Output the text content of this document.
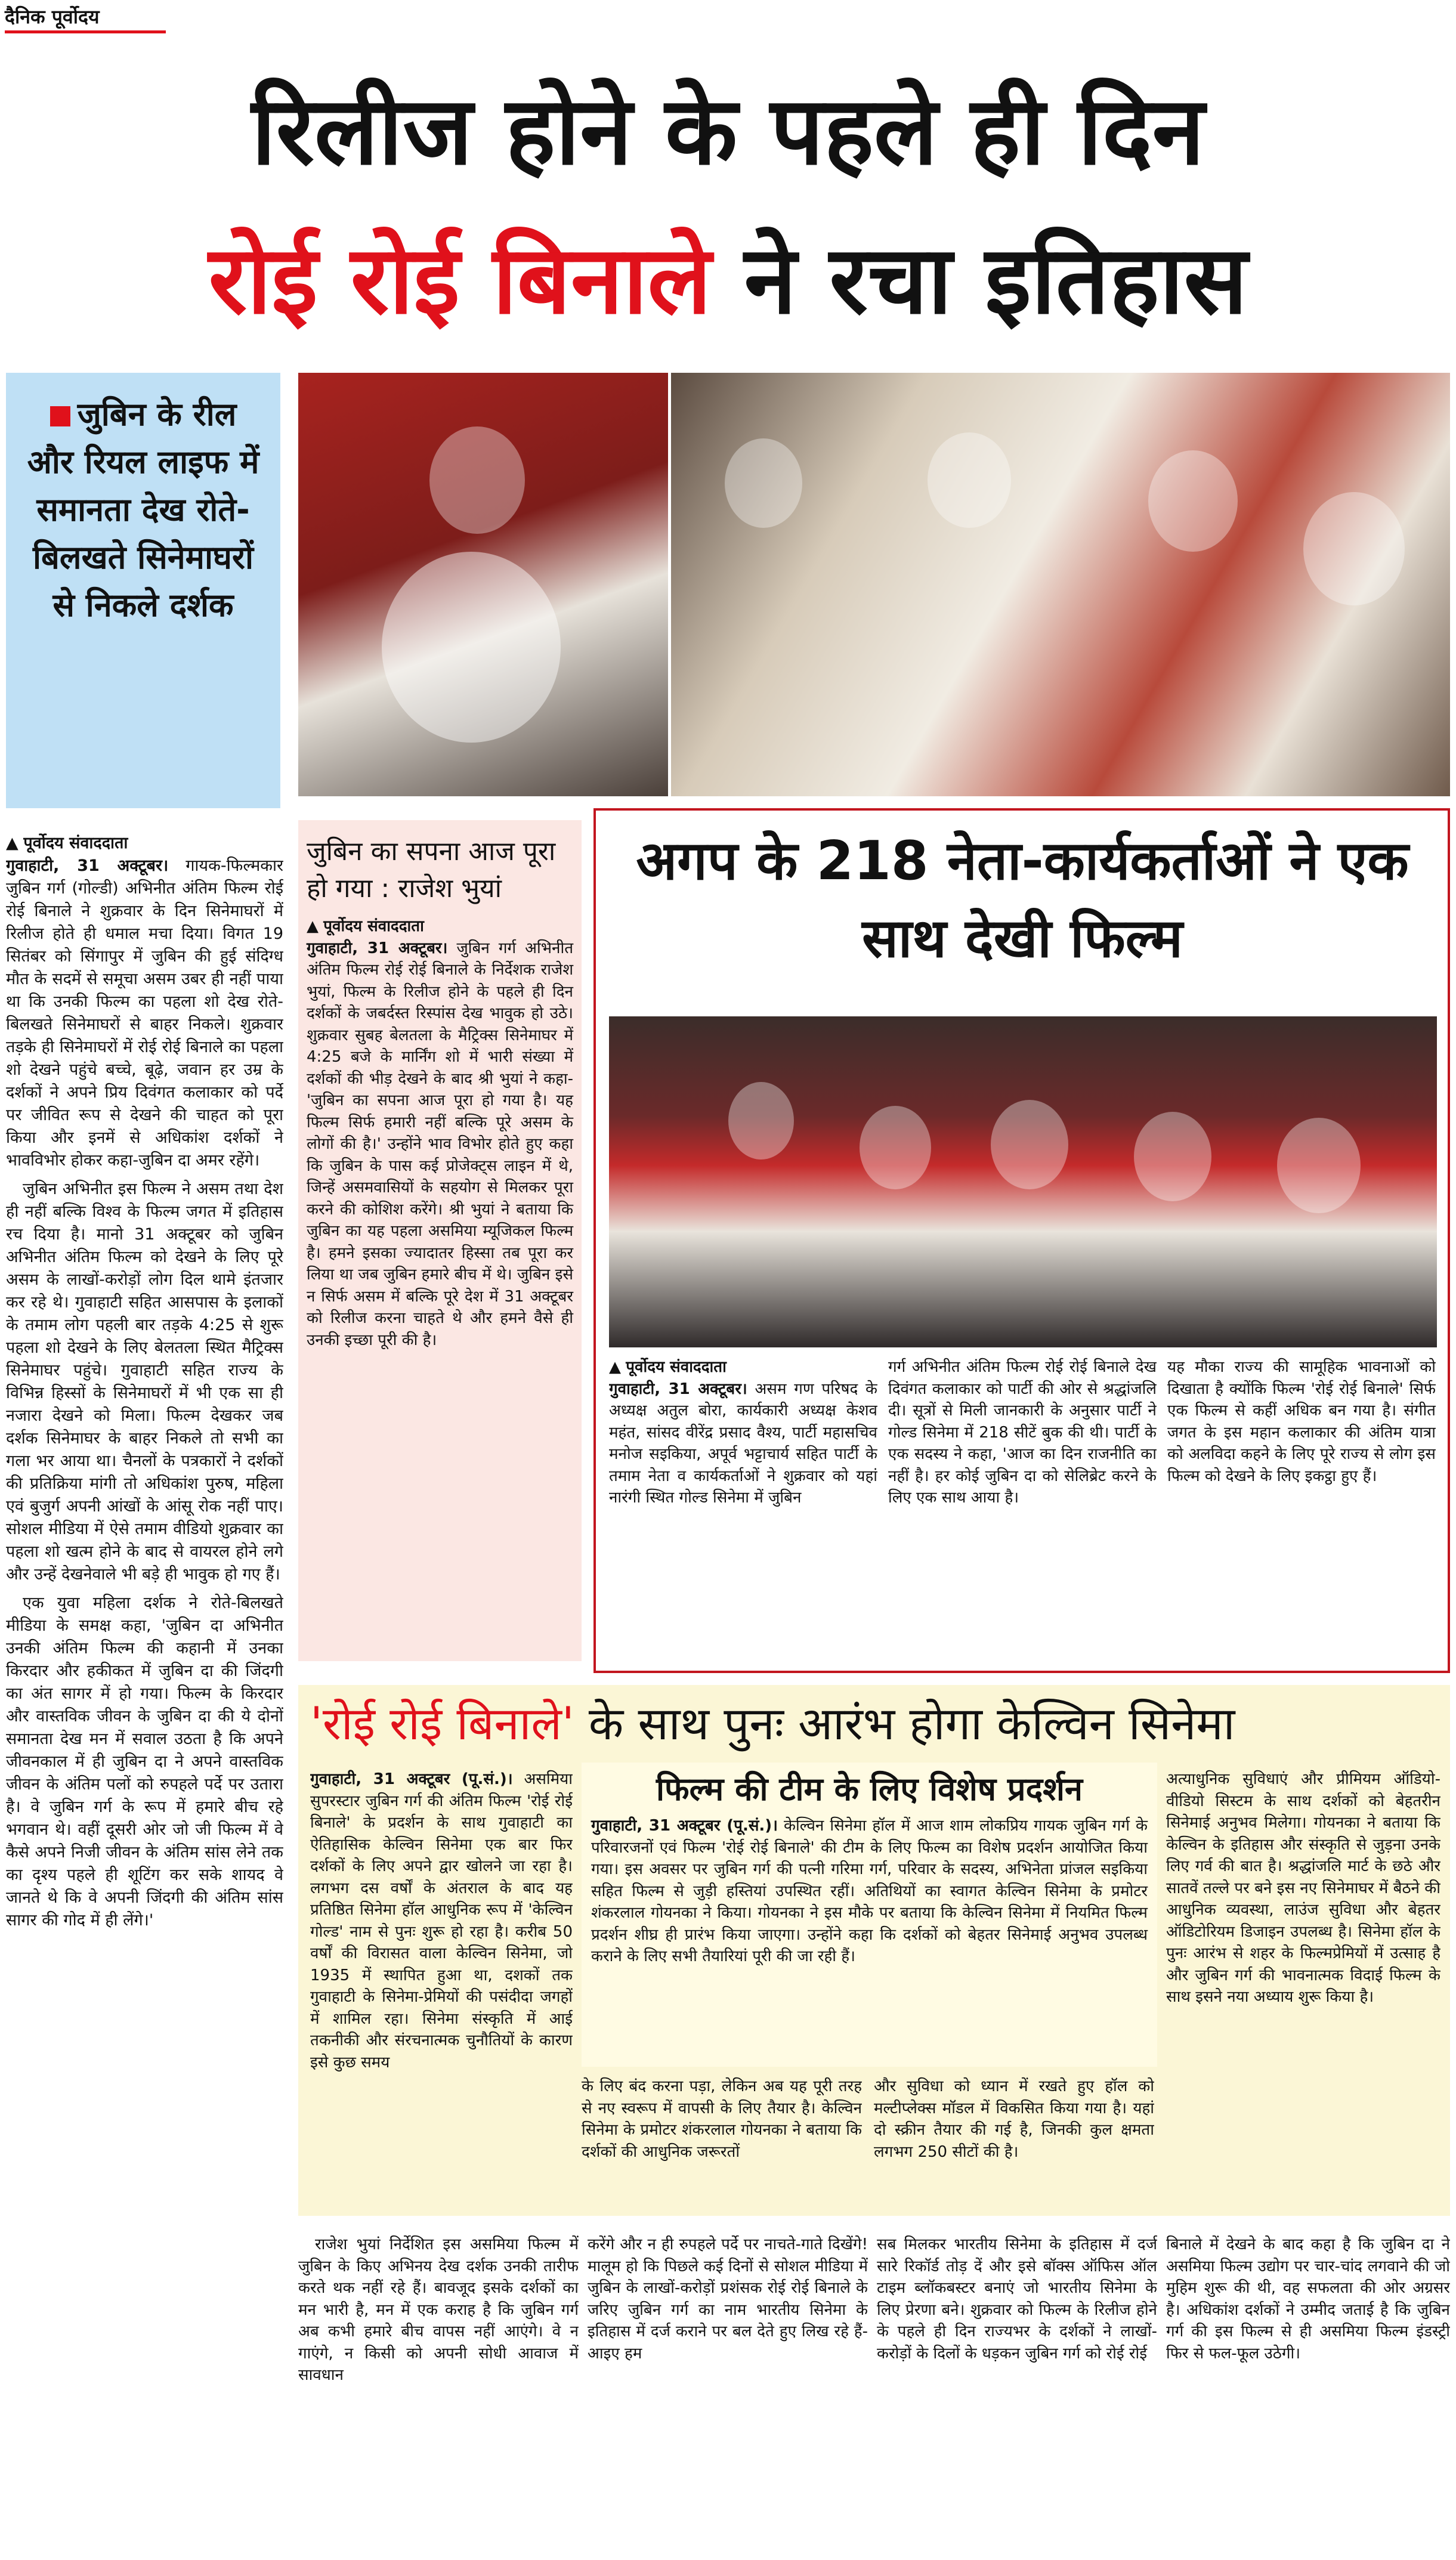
दैनिक पूर्वोदय
रिलीज होने के पहले ही दिन
रोई रोई बिनाले ने रचा इतिहास
जुबिन के रील और रियल लाइफ में समानता देख रोते-बिलखते सिनेमाघरों से निकले दर्शक

▲ पूर्वोदय संवाददाता
गुवाहाटी, 31 अक्टूबर। गायक-फिल्मकार जुबिन गर्ग (गोल्डी) अभिनीत अंतिम फिल्म रोई रोई बिनाले ने शुक्रवार के दिन सिनेमाघरों में रिलीज होते ही धमाल मचा दिया। विगत 19 सितंबर को सिंगापुर में जुबिन की हुई संदिग्ध मौत के सदमें से समूचा असम उबर ही नहीं पाया था कि उनकी फिल्म का पहला शो देख रोते-बिलखते सिनेमाघरों से बाहर निकले। शुक्रवार तड़के ही सिनेमाघरों में रोई रोई बिनाले का पहला शो देखने पहुंचे बच्चे, बूढ़े, जवान हर उम्र के दर्शकों ने अपने प्रिय दिवंगत कलाकार को पर्दे पर जीवित रूप से देखने की चाहत को पूरा किया और इनमें से अधिकांश दर्शकों ने भावविभोर होकर कहा-जुबिन दा अमर रहेंगे।

जुबिन अभिनीत इस फिल्म ने असम तथा देश ही नहीं बल्कि विश्व के फिल्म जगत में इतिहास रच दिया है। मानो 31 अक्टूबर को जुबिन अभिनीत अंतिम फिल्म को देखने के लिए पूरे असम के लाखों-करोड़ों लोग दिल थामे इंतजार कर रहे थे। गुवाहाटी सहित आसपास के इलाकों के तमाम लोग पहली बार तड़के 4:25 से शुरू पहला शो देखने के लिए बेलतला स्थित मैट्रिक्स सिनेमाघर पहुंचे। गुवाहाटी सहित राज्य के विभिन्न हिस्सों के सिनेमाघरों में भी एक सा ही नजारा देखने को मिला। फिल्म देखकर जब दर्शक सिनेमाघर के बाहर निकले तो सभी का गला भर आया था। चैनलों के पत्रकारों ने दर्शकों की प्रतिक्रिया मांगी तो अधिकांश पुरुष, महिला एवं बुजुर्ग अपनी आंखों के आंसू रोक नहीं पाए। सोशल मीडिया में ऐसे तमाम वीडियो शुक्रवार का पहला शो खत्म होने के बाद से वायरल होने लगे और उन्हें देखनेवाले भी बड़े ही भावुक हो गए हैं।

एक युवा महिला दर्शक ने रोते-बिलखते मीडिया के समक्ष कहा, 'जुबिन दा अभिनीत उनकी अंतिम फिल्म की कहानी में उनका किरदार और हकीकत में जुबिन दा की जिंदगी का अंत सागर में हो गया। फिल्म के किरदार और वास्तविक जीवन के जुबिन दा की ये दोनों समानता देख मन में सवाल उठता है कि अपने जीवनकाल में ही जुबिन दा ने अपने वास्तविक जीवन के अंतिम पलों को रुपहले पर्दे पर उतारा है। वे जुबिन गर्ग के रूप में हमारे बीच रहे भगवान थे। वहीं दूसरी ओर जो जी फिल्म में वे कैसे अपने निजी जीवन के अंतिम सांस लेने तक का दृश्य पहले ही शूटिंग कर सके शायद वे जानते थे कि वे अपनी जिंदगी की अंतिम सांस सागर की गोद में ही लेंगे।'

जुबिन का सपना आज पूरा हो गया : राजेश भुयां

▲ पूर्वोदय संवाददाता
गुवाहाटी, 31 अक्टूबर। जुबिन गर्ग अभिनीत अंतिम फिल्म रोई रोई बिनाले के निर्देशक राजेश भुयां, फिल्म के रिलीज होने के पहले ही दिन दर्शकों के जबर्दस्त रिस्पांस देख भावुक हो उठे। शुक्रवार सुबह बेलतला के मैट्रिक्स सिनेमाघर में 4:25 बजे के मार्निंग शो में भारी संख्या में दर्शकों की भीड़ देखने के बाद श्री भुयां ने कहा- 'जुबिन का सपना आज पूरा हो गया है। यह फिल्म सिर्फ हमारी नहीं बल्कि पूरे असम के लोगों की है।' उन्होंने भाव विभोर होते हुए कहा कि जुबिन के पास कई प्रोजेक्ट्स लाइन में थे, जिन्हें असमवासियों के सहयोग से मिलकर पूरा करने की कोशिश करेंगे। श्री भुयां ने बताया कि जुबिन का यह पहला असमिया म्यूजिकल फिल्म है। हमने इसका ज्यादातर हिस्सा तब पूरा कर लिया था जब जुबिन हमारे बीच में थे। जुबिन इसे न सिर्फ असम में बल्कि पूरे देश में 31 अक्टूबर को रिलीज करना चाहते थे और हमने वैसे ही उनकी इच्छा पूरी की है।

अगप के 218 नेता-कार्यकर्ताओं ने एक साथ देखी फिल्म

▲ पूर्वोदय संवाददाता
गुवाहाटी, 31 अक्टूबर। असम गण परिषद के अध्यक्ष अतुल बोरा, कार्यकारी अध्यक्ष केशव महंत, सांसद वीरेंद्र प्रसाद वैश्य, पार्टी महासचिव मनोज सइकिया, अपूर्व भट्टाचार्य सहित पार्टी के तमाम नेता व कार्यकर्ताओं ने शुक्रवार को यहां नारंगी स्थित गोल्ड सिनेमा में जुबिन

गर्ग अभिनीत अंतिम फिल्म रोई रोई बिनाले देख दिवंगत कलाकार को पार्टी की ओर से श्रद्धांजलि दी। सूत्रों से मिली जानकारी के अनुसार पार्टी ने गोल्ड सिनेमा में 218 सीटें बुक की थी। पार्टी के एक सदस्य ने कहा, 'आज का दिन राजनीति का नहीं है। हर कोई जुबिन दा को सेलिब्रेट करने के लिए एक साथ आया है।

यह मौका राज्य की सामूहिक भावनाओं को दिखाता है क्योंकि फिल्म 'रोई रोई बिनाले' सिर्फ एक फिल्म से कहीं अधिक बन गया है। संगीत जगत के इस महान कलाकार की अंतिम यात्रा को अलविदा कहने के लिए पूरे राज्य से लोग इस फिल्म को देखने के लिए इकट्ठा हुए हैं।

'रोई रोई बिनाले' के साथ पुनः आरंभ होगा केल्विन सिनेमा

गुवाहाटी, 31 अक्टूबर (पू.सं.)। असमिया सुपरस्टार जुबिन गर्ग की अंतिम फिल्म 'रोई रोई बिनाले' के प्रदर्शन के साथ गुवाहाटी का ऐतिहासिक केल्विन सिनेमा एक बार फिर दर्शकों के लिए अपने द्वार खोलने जा रहा है। लगभग दस वर्षों के अंतराल के बाद यह प्रतिष्ठित सिनेमा हॉल आधुनिक रूप में 'केल्विन गोल्ड' नाम से पुनः शुरू हो रहा है। करीब 50 वर्षों की विरासत वाला केल्विन सिनेमा, जो 1935 में स्थापित हुआ था, दशकों तक गुवाहाटी के सिनेमा-प्रेमियों की पसंदीदा जगहों में शामिल रहा। सिनेमा संस्कृति में आई तकनीकी और संरचनात्मक चुनौतियों के कारण इसे कुछ समय

फिल्म की टीम के लिए विशेष प्रदर्शन

गुवाहाटी, 31 अक्टूबर (पू.सं.)। केल्विन सिनेमा हॉल में आज शाम लोकप्रिय गायक जुबिन गर्ग के परिवारजनों एवं फिल्म 'रोई रोई बिनाले' की टीम के लिए फिल्म का विशेष प्रदर्शन आयोजित किया गया। इस अवसर पर जुबिन गर्ग की पत्नी गरिमा गर्ग, परिवार के सदस्य, अभिनेता प्रांजल सइकिया सहित फिल्म से जुड़ी हस्तियां उपस्थित रहीं। अतिथियों का स्वागत केल्विन सिनेमा के प्रमोटर शंकरलाल गोयनका ने किया। गोयनका ने इस मौके पर बताया कि केल्विन सिनेमा में नियमित फिल्म प्रदर्शन शीघ्र ही प्रारंभ किया जाएगा। उन्होंने कहा कि दर्शकों को बेहतर सिनेमाई अनुभव उपलब्ध कराने के लिए सभी तैयारियां पूरी की जा रही हैं।

के लिए बंद करना पड़ा, लेकिन अब यह पूरी तरह से नए स्वरूप में वापसी के लिए तैयार है। केल्विन सिनेमा के प्रमोटर शंकरलाल गोयनका ने बताया कि दर्शकों की आधुनिक जरूरतों

और सुविधा को ध्यान में रखते हुए हॉल को मल्टीप्लेक्स मॉडल में विकसित किया गया है। यहां दो स्क्रीन तैयार की गई है, जिनकी कुल क्षमता लगभग 250 सीटों की है।

अत्याधुनिक सुविधाएं और प्रीमियम ऑडियो-वीडियो सिस्टम के साथ दर्शकों को बेहतरीन सिनेमाई अनुभव मिलेगा। गोयनका ने बताया कि केल्विन के इतिहास और संस्कृति से जुड़ना उनके लिए गर्व की बात है। श्रद्धांजलि मार्ट के छठे और सातवें तल्ले पर बने इस नए सिनेमाघर में बैठने की आधुनिक व्यवस्था, लाउंज सुविधा और बेहतर ऑडिटोरियम डिजाइन उपलब्ध है। सिनेमा हॉल के पुनः आरंभ से शहर के फिल्मप्रेमियों में उत्साह है और जुबिन गर्ग की भावनात्मक विदाई फिल्म के साथ इसने नया अध्याय शुरू किया है।

राजेश भुयां निर्देशित इस असमिया फिल्म में जुबिन के किए अभिनय देख दर्शक उनकी तारीफ करते थक नहीं रहे हैं। बावजूद इसके दर्शकों का मन भारी है, मन में एक कराह है कि जुबिन गर्ग अब कभी हमारे बीच वापस नहीं आएंगे। वे न गाएंगे, न किसी को अपनी सोधी आवाज में सावधान

करेंगे और न ही रुपहले पर्दे पर नाचते-गाते दिखेंगे! मालूम हो कि पिछले कई दिनों से सोशल मीडिया में जुबिन के लाखों-करोड़ों प्रशंसक रोई रोई बिनाले के जरिए जुबिन गर्ग का नाम भारतीय सिनेमा के इतिहास में दर्ज कराने पर बल देते हुए लिख रहे हैं-आइए हम

सब मिलकर भारतीय सिनेमा के इतिहास में दर्ज सारे रिकॉर्ड तोड़ दें और इसे बॉक्स ऑफिस ऑल टाइम ब्लॉकबस्टर बनाएं जो भारतीय सिनेमा के लिए प्रेरणा बने। शुक्रवार को फिल्म के रिलीज होने के पहले ही दिन राज्यभर के दर्शकों ने लाखों-करोड़ों के दिलों के धड़कन जुबिन गर्ग को रोई रोई

बिनाले में देखने के बाद कहा है कि जुबिन दा ने असमिया फिल्म उद्योग पर चार-चांद लगवाने की जो मुहिम शुरू की थी, वह सफलता की ओर अग्रसर है। अधिकांश दर्शकों ने उम्मीद जताई है कि जुबिन गर्ग की इस फिल्म से ही असमिया फिल्म इंडस्ट्री फिर से फल-फूल उठेगी।
